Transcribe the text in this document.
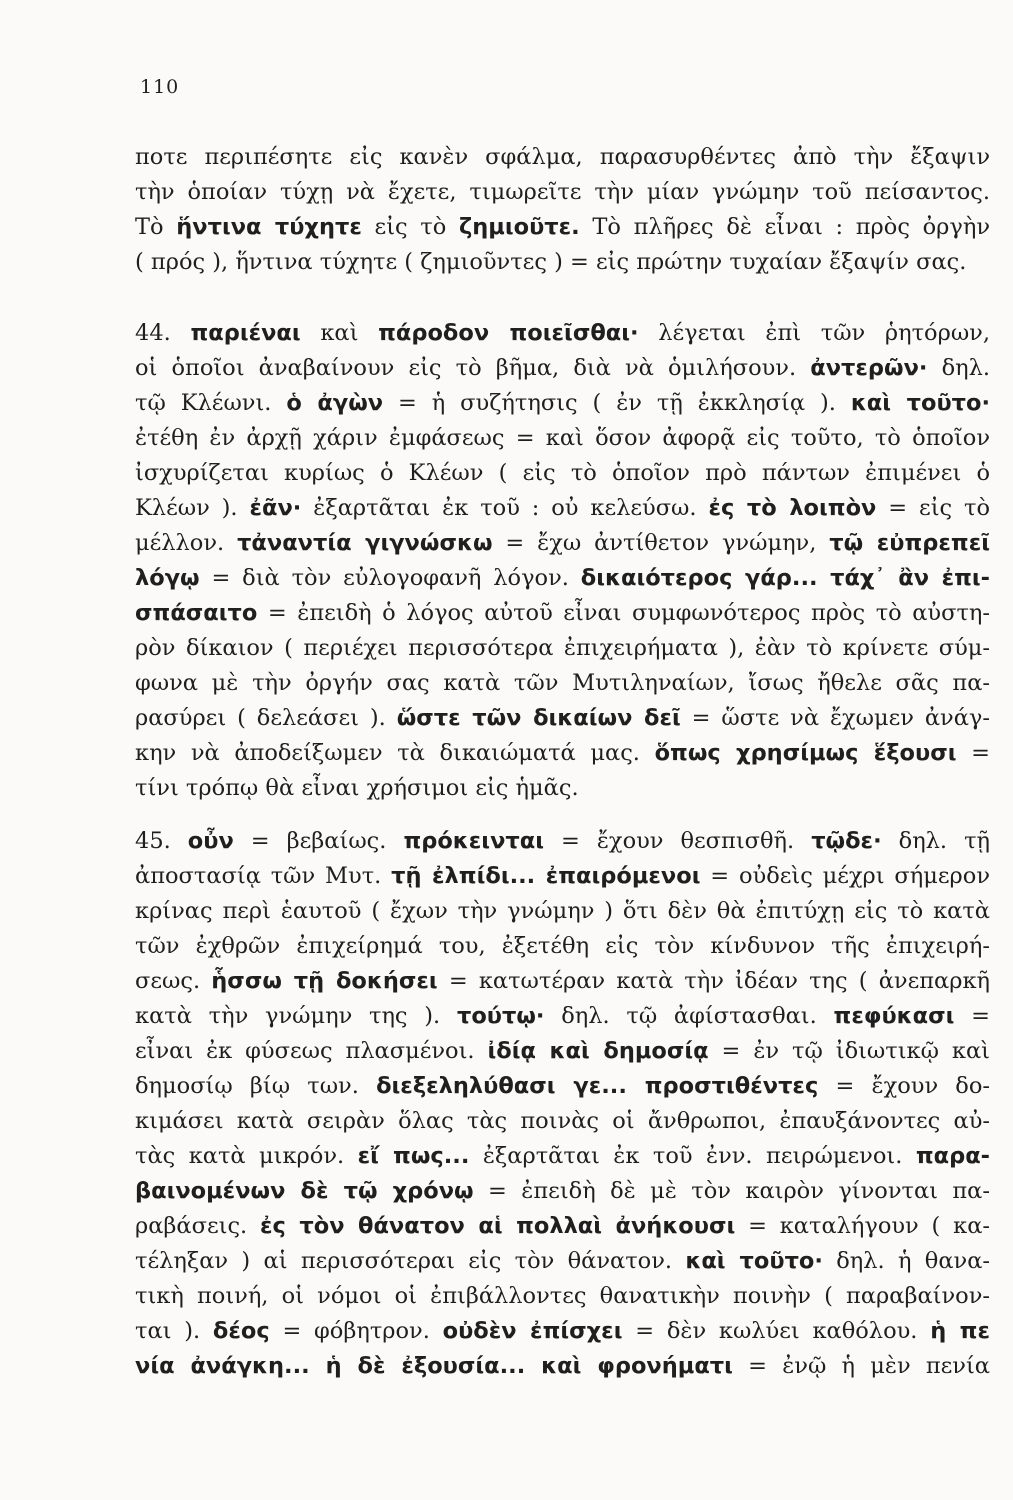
110
ποτε περιπέσητε εἰς κανὲν σφάλμα, παρασυρθέντες ἀπὸ τὴν ἔξαψιν
τὴν ὁποίαν τύχῃ νὰ ἔχετε, τιμωρεῖτε τὴν μίαν γνώμην τοῦ πείσαντος.
Τὸ ἥντινα τύχητε εἰς τὸ ζημιοῦτε. Τὸ πλῆρες δὲ εἶναι : πρὸς ὀργὴν
( πρός ), ἥντινα τύχητε ( ζημιοῦντες ) = εἰς πρώτην τυχαίαν ἔξαψίν σας.
44. παριέναι καὶ πάροδον ποιεῖσθαι· λέγεται ἐπὶ τῶν ῥητόρων,
οἱ ὁποῖοι ἀναβαίνουν εἰς τὸ βῆμα, διὰ νὰ ὁμιλήσουν. ἀντερῶν· δηλ.
τῷ Κλέωνι. ὁ ἀγὼν = ἡ συζήτησις ( ἐν τῇ ἐκκλησίᾳ ). καὶ τοῦτο·
ἐτέθη ἐν ἀρχῇ χάριν ἐμφάσεως = καὶ ὅσον ἀφορᾷ εἰς τοῦτο, τὸ ὁποῖον
ἰσχυρίζεται κυρίως ὁ Κλέων ( εἰς τὸ ὁποῖον πρὸ πάντων ἐπιμένει ὁ
Κλέων ). ἐᾶν· ἐξαρτᾶται ἐκ τοῦ : οὐ κελεύσω. ἐς τὸ λοιπὸν = εἰς τὸ
μέλλον. τἀναντία γιγνώσκω = ἔχω ἀντίθετον γνώμην, τῷ εὐπρεπεῖ
λόγῳ = διὰ τὸν εὐλογοφανῆ λόγον. δικαιότερος γάρ... τάχ᾽ ἂν ἐπι-
σπάσαιτο = ἐπειδὴ ὁ λόγος αὐτοῦ εἶναι συμφωνότερος πρὸς τὸ αὐστη-
ρὸν δίκαιον ( περιέχει περισσότερα ἐπιχειρήματα ), ἐὰν τὸ κρίνετε σύμ-
φωνα μὲ τὴν ὀργήν σας κατὰ τῶν Μυτιληναίων, ἴσως ἤθελε σᾶς πα-
ρασύρει ( δελεάσει ). ὥστε τῶν δικαίων δεῖ = ὥστε νὰ ἔχωμεν ἀνάγ-
κην νὰ ἀποδείξωμεν τὰ δικαιώματά μας. ὅπως χρησίμως ἕξουσι =
τίνι τρόπῳ θὰ εἶναι χρήσιμοι εἰς ἡμᾶς.
45. οὖν = βεβαίως. πρόκεινται = ἔχουν θεσπισθῆ. τῷδε· δηλ. τῇ
ἀποστασίᾳ τῶν Μυτ. τῇ ἐλπίδι... ἐπαιρόμενοι = οὐδεὶς μέχρι σήμερον
κρίνας περὶ ἑαυτοῦ ( ἔχων τὴν γνώμην ) ὅτι δὲν θὰ ἐπιτύχῃ εἰς τὸ κατὰ
τῶν ἐχθρῶν ἐπιχείρημά του, ἐξετέθη εἰς τὸν κίνδυνον τῆς ἐπιχειρή-
σεως. ἧσσω τῇ δοκήσει = κατωτέραν κατὰ τὴν ἰδέαν της ( ἀνεπαρκῆ
κατὰ τὴν γνώμην της ). τούτῳ· δηλ. τῷ ἀφίστασθαι. πεφύκασι =
εἶναι ἐκ φύσεως πλασμένοι. ἰδίᾳ καὶ δημοσίᾳ = ἐν τῷ ἰδιωτικῷ καὶ
δημοσίῳ βίῳ των. διεξεληλύθασι γε... προστιθέντες = ἔχουν δο-
κιμάσει κατὰ σειρὰν ὅλας τὰς ποινὰς οἱ ἄνθρωποι, ἐπαυξάνοντες αὐ-
τὰς κατὰ μικρόν. εἴ πως... ἐξαρτᾶται ἐκ τοῦ ἐνν. πειρώμενοι. παρα-
βαινομένων δὲ τῷ χρόνῳ = ἐπειδὴ δὲ μὲ τὸν καιρὸν γίνονται πα-
ραβάσεις. ἐς τὸν θάνατον αἱ πολλαὶ ἀνήκουσι = καταλήγουν ( κα-
τέληξαν ) αἱ περισσότεραι εἰς τὸν θάνατον. καὶ τοῦτο· δηλ. ἡ θανα-
τικὴ ποινή, οἱ νόμοι οἱ ἐπιβάλλοντες θανατικὴν ποινὴν ( παραβαίνον-
ται ). δέος = φόβητρον. οὐδὲν ἐπίσχει = δὲν κωλύει καθόλου. ἡ πε
νία ἀνάγκη... ἡ δὲ ἐξουσία... καὶ φρονήματι = ἐνῷ ἡ μὲν πενία
